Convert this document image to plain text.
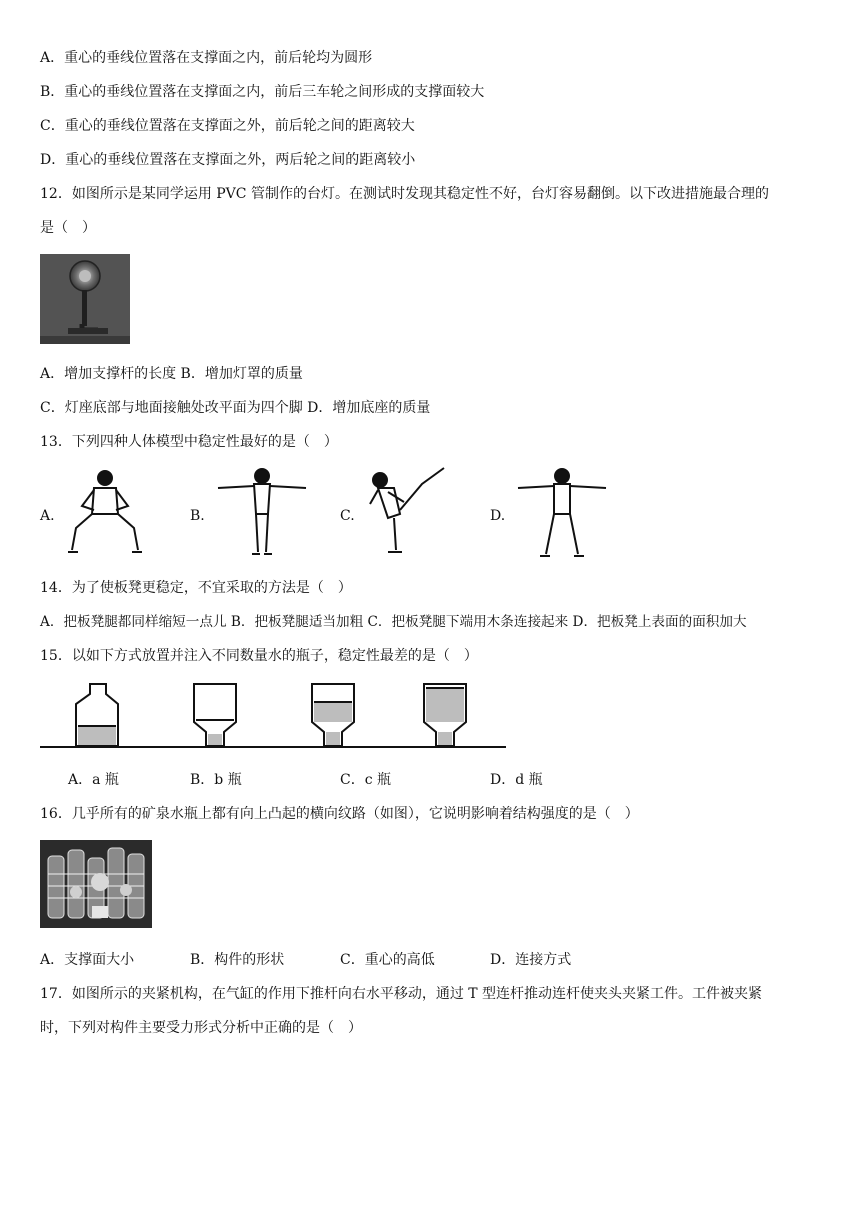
A．重心的垂线位置落在支撑面之内，前后轮均为圆形
B．重心的垂线位置落在支撑面之内，前后三车轮之间形成的支撑面较大
C．重心的垂线位置落在支撑面之外，前后轮之间的距离较大
D．重心的垂线位置落在支撑面之外，两后轮之间的距离较小
12．如图所示是某同学运用 PVC 管制作的台灯。在测试时发现其稳定性不好，台灯容易翻倒。以下改进措施最合理的
是（　）
A．增加支撑杆的长度 B．增加灯罩的质量
C．灯座底部与地面接触处改平面为四个脚 D．增加底座的质量
13．下列四种人体模型中稳定性最好的是（　）
A.	B.	C.	D.
14．为了使板凳更稳定，不宜采取的方法是（　）
A．把板凳腿都同样缩短一点儿 B．把板凳腿适当加粗 C．把板凳腿下端用木条连接起来 D．把板凳上表面的面积加大
15．以如下方式放置并注入不同数量水的瓶子，稳定性最差的是（　）
A．a 瓶	B．b 瓶	C．c 瓶	D．d 瓶
16．几乎所有的矿泉水瓶上都有向上凸起的横向纹路（如图），它说明影响着结构强度的是（　）
A．支撑面大小	B．构件的形状	C．重心的高低	D．连接方式
17．如图所示的夹紧机构，在气缸的作用下推杆向右水平移动，通过 T 型连杆推动连杆使夹头夹紧工件。工件被夹紧
时，下列对构件主要受力形式分析中正确的是（　）
